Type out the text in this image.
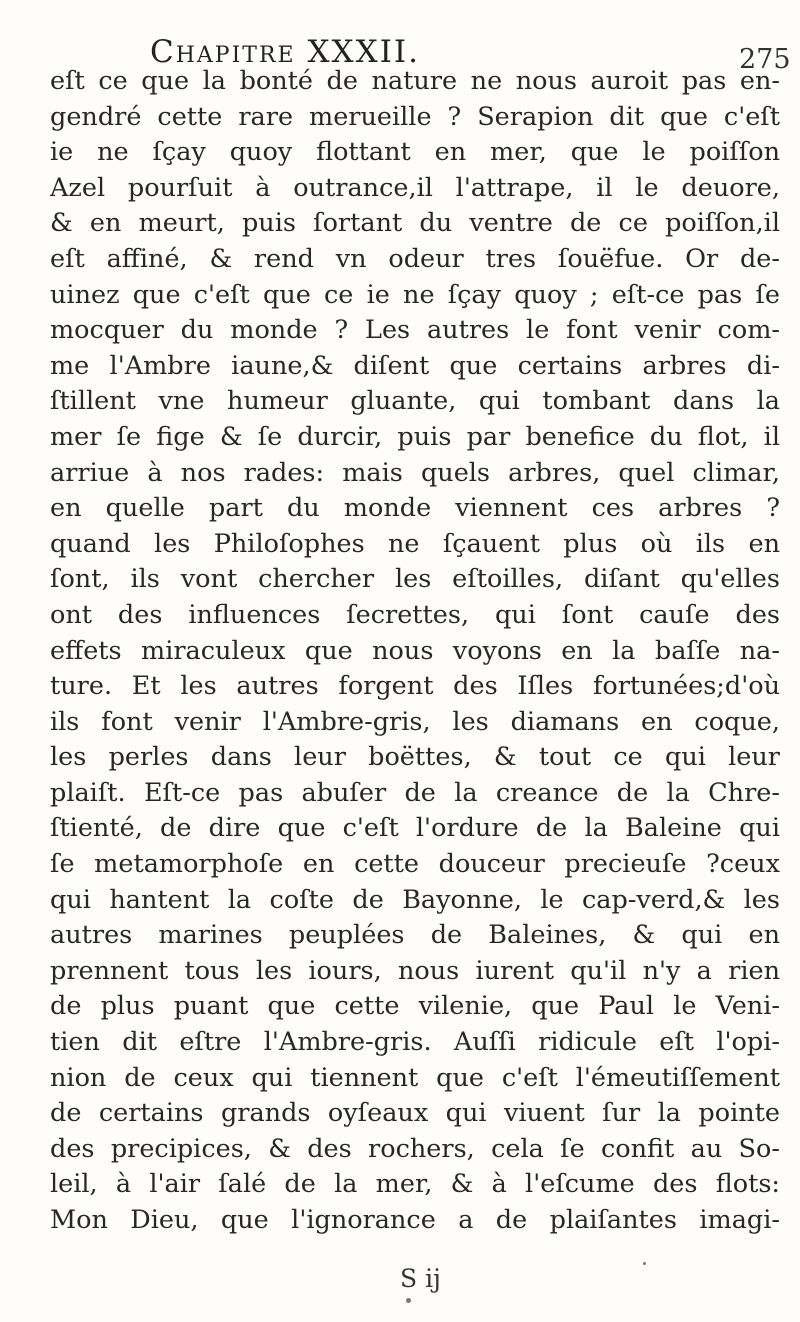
Chapitre XXXII.	275
eſt ce que la bonté de nature ne nous auroit pas en-
gendré cette rare merueille ? Serapion dit que c'eſt
ie ne ſçay quoy flottant en mer, que le poiſſon
Azel pourſuit à outrance,il l'attrape, il le deuore,
& en meurt, puis ſortant du ventre de ce poiſſon,il
eſt affiné, & rend vn odeur tres ſouëfue. Or de-
uinez que c'eſt que ce ie ne ſçay quoy ; eſt-ce pas ſe
mocquer du monde ? Les autres le font venir com-
me l'Ambre iaune,& diſent que certains arbres di-
ſtillent vne humeur gluante, qui tombant dans la
mer ſe fige & ſe durcir, puis par benefice du flot, il
arriue à nos rades: mais quels arbres, quel climar,
en quelle part du monde viennent ces arbres ?
quand les Philoſophes ne ſçauent plus où ils en
ſont, ils vont chercher les eſtoilles, diſant qu'elles
ont des influences ſecrettes, qui ſont cauſe des
effets miraculeux que nous voyons en la baſſe na-
ture. Et les autres forgent des Iſles fortunées;d'où
ils font venir l'Ambre-gris, les diamans en coque,
les perles dans leur boëttes, & tout ce qui leur
plaiſt. Eſt-ce pas abuſer de la creance de la Chre-
ſtienté, de dire que c'eſt l'ordure de la Baleine qui
ſe metamorphoſe en cette douceur precieuſe ?ceux
qui hantent la coſte de Bayonne, le cap-verd,& les
autres marines peuplées de Baleines, & qui en
prennent tous les iours, nous iurent qu'il n'y a rien
de plus puant que cette vilenie, que Paul le Veni-
tien dit eſtre l'Ambre-gris. Auſſi ridicule eſt l'opi-
nion de ceux qui tiennent que c'eſt l'émeutiſſement
de certains grands oyſeaux qui viuent ſur la pointe
des precipices, & des rochers, cela ſe confit au So-
leil, à l'air ſalé de la mer, & à l'eſcume des flots:
Mon Dieu, que l'ignorance a de plaiſantes imagi-
S ij
